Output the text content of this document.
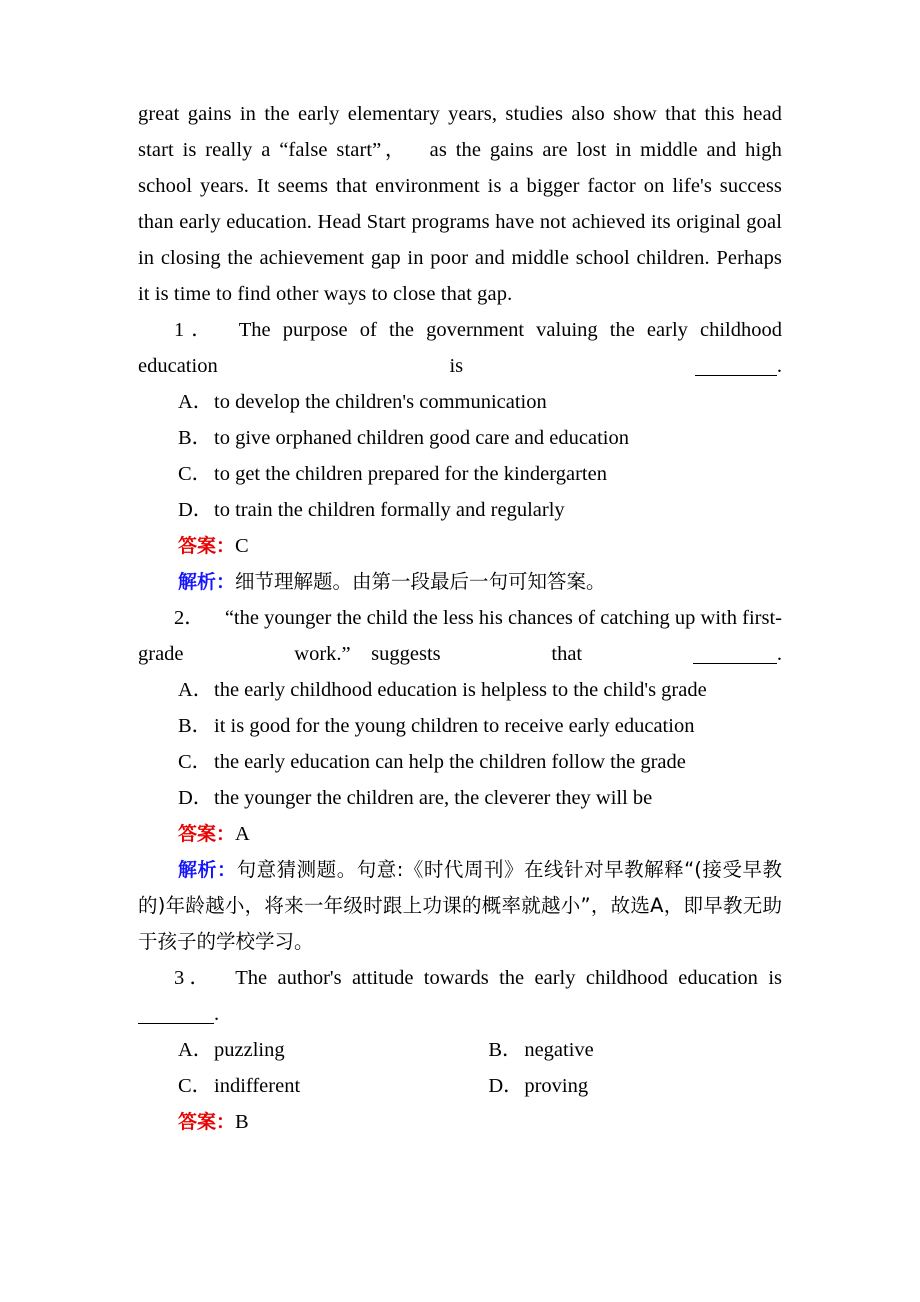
great gains in the early elementary years, studies also show that this head start is really a “false start”， as the gains are lost in middle and high school years. It seems that environment is a bigger factor on life's success than early education. Head Start programs have not achieved its original goal in closing the achievement gap in poor and middle school children. Perhaps it is time to find other ways to close that gap.

1． The purpose of the government valuing the early childhood education is	.

A．to develop the children's communication

B．to give orphaned children good care and education

C．to get the children prepared for the kindergarten

D．to train the children formally and regularly

答案：C

解析：细节理解题。由第一段最后一句可知答案。

2． “the younger the child the less his chances of catching up with first-grade work.” suggests that	.

A．the early childhood education is helpless to the child's grade

B．it is good for the young children to receive early education

C．the early education can help the children follow the grade

D．the younger the children are, the cleverer they will be

答案：A

解析：句意猜测题。句意:《时代周刊》在线针对早教解释“(接受早教的)年龄越小，将来一年级时跟上功课的概率就越小”，故选A，即早教无助于孩子的学校学习。

3． The author's attitude towards the early childhood education is .

A．puzzling	B．negative
C．indifferent	D．proving

答案：B
